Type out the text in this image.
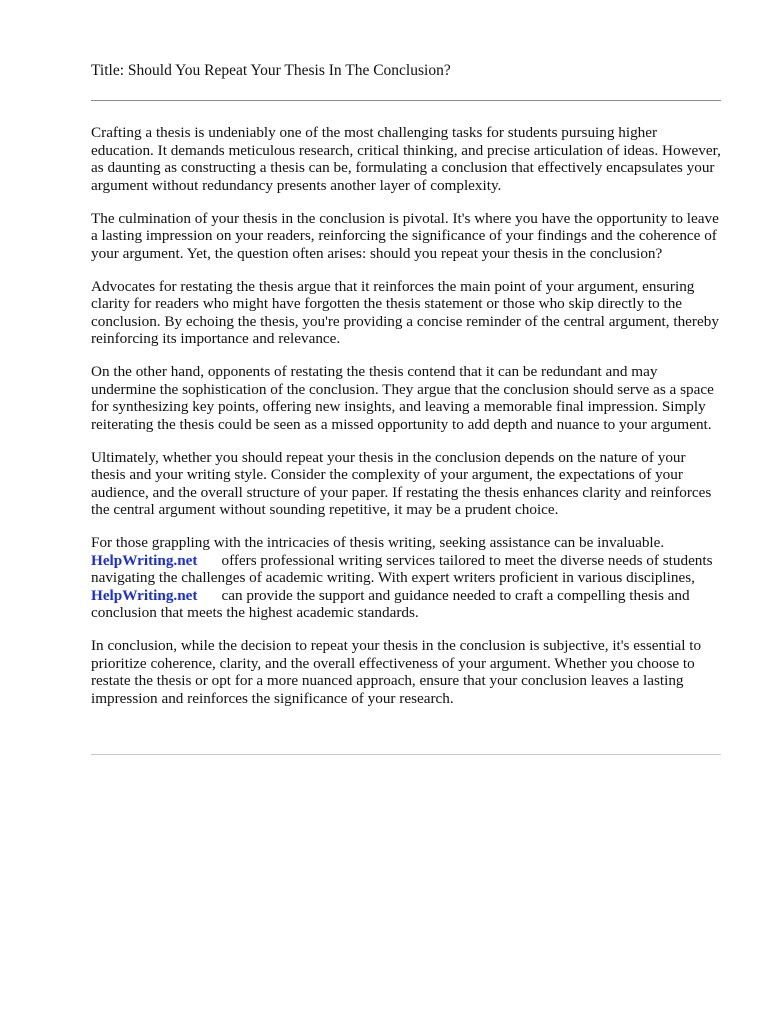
Title: Should You Repeat Your Thesis In The Conclusion?

Crafting a thesis is undeniably one of the most challenging tasks for students pursuing higher education. It demands meticulous research, critical thinking, and precise articulation of ideas. However, as daunting as constructing a thesis can be, formulating a conclusion that effectively encapsulates your argument without redundancy presents another layer of complexity.

The culmination of your thesis in the conclusion is pivotal. It's where you have the opportunity to leave a lasting impression on your readers, reinforcing the significance of your findings and the coherence of your argument. Yet, the question often arises: should you repeat your thesis in the conclusion?

Advocates for restating the thesis argue that it reinforces the main point of your argument, ensuring clarity for readers who might have forgotten the thesis statement or those who skip directly to the conclusion. By echoing the thesis, you're providing a concise reminder of the central argument, thereby reinforcing its importance and relevance.

On the other hand, opponents of restating the thesis contend that it can be redundant and may undermine the sophistication of the conclusion. They argue that the conclusion should serve as a space for synthesizing key points, offering new insights, and leaving a memorable final impression. Simply reiterating the thesis could be seen as a missed opportunity to add depth and nuance to your argument.

Ultimately, whether you should repeat your thesis in the conclusion depends on the nature of your thesis and your writing style. Consider the complexity of your argument, the expectations of your audience, and the overall structure of your paper. If restating the thesis enhances clarity and reinforces the central argument without sounding repetitive, it may be a prudent choice.

For those grappling with the intricacies of thesis writing, seeking assistance can be invaluable.
HelpWriting.net offers professional writing services tailored to meet the diverse needs of students navigating the challenges of academic writing. With expert writers proficient in various disciplines,HelpWriting.net can provide the support and guidance needed to craft a compelling thesis and conclusion that meets the highest academic standards.

In conclusion, while the decision to repeat your thesis in the conclusion is subjective, it's essential to prioritize coherence, clarity, and the overall effectiveness of your argument. Whether you choose to restate the thesis or opt for a more nuanced approach, ensure that your conclusion leaves a lasting impression and reinforces the significance of your research.
